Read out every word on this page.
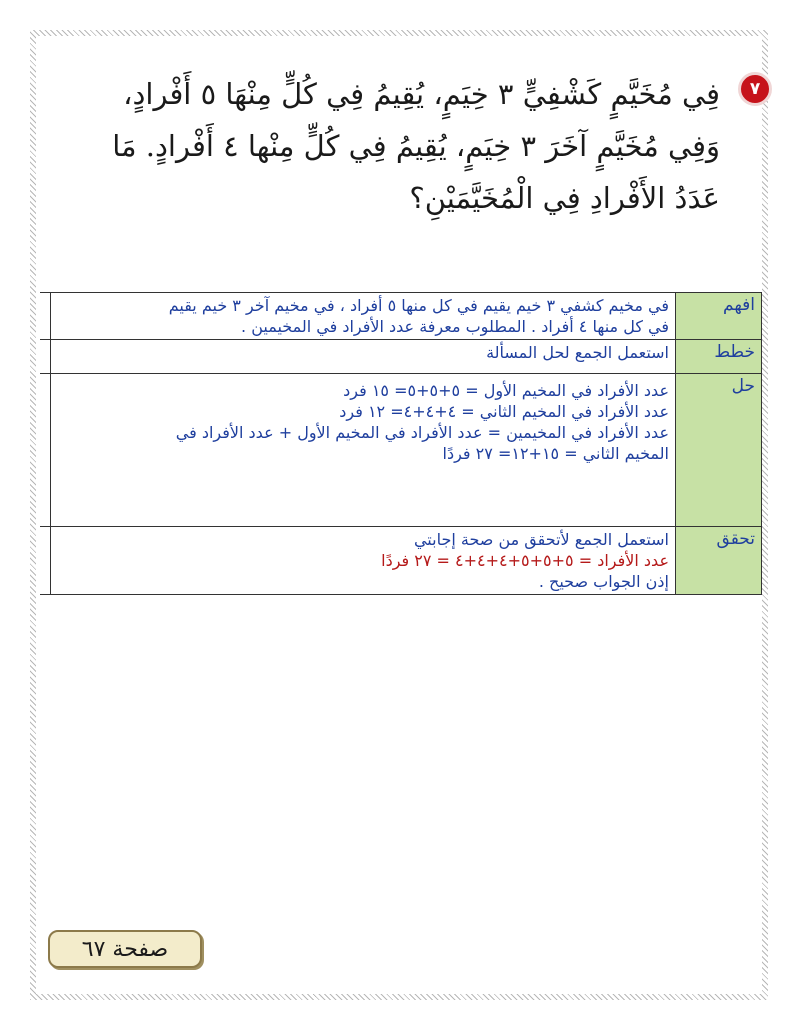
٧

فِي مُخَيَّمٍ كَشْفِيٍّ ٣ خِيَمٍ، يُقِيمُ فِي كُلٍّ مِنْهَا ٥ أَفْرادٍ، وَفِي مُخَيَّمٍ آخَرَ ٣ خِيَمٍ، يُقِيمُ فِي كُلٍّ مِنْها ٤ أَفْرادٍ. مَا عَدَدُ الأَفْرادِ فِي الْمُخَيَّمَيْنِ؟

افهم	في مخيم كشفي ٣ خيم يقيم في كل منها ٥ أفراد ، في مخيم آخر ٣ خيم يقيم
في كل منها ٤ أفراد . المطلوب معرفة عدد الأفراد في المخيمين .	

خطط	استعمل الجمع لحل المسألة	

حل	عدد الأفراد في المخيم الأول = ٥+٥+٥= ١٥ فرد
عدد الأفراد في المخيم الثاني = ٤+٤+٤= ١٢ فرد
عدد الأفراد في المخيمين = عدد الأفراد في المخيم الأول + عدد الأفراد في
المخيم الثاني = ١٥+١٢= ٢٧ فردًا	

تحقق	استعمل الجمع لأتحقق من صحة إجابتي
عدد الأفراد = ٥+٥+٥+٤+٤+٤ = ٢٧ فردًا
إذن الجواب صحيح .	

صفحة ٦٧
